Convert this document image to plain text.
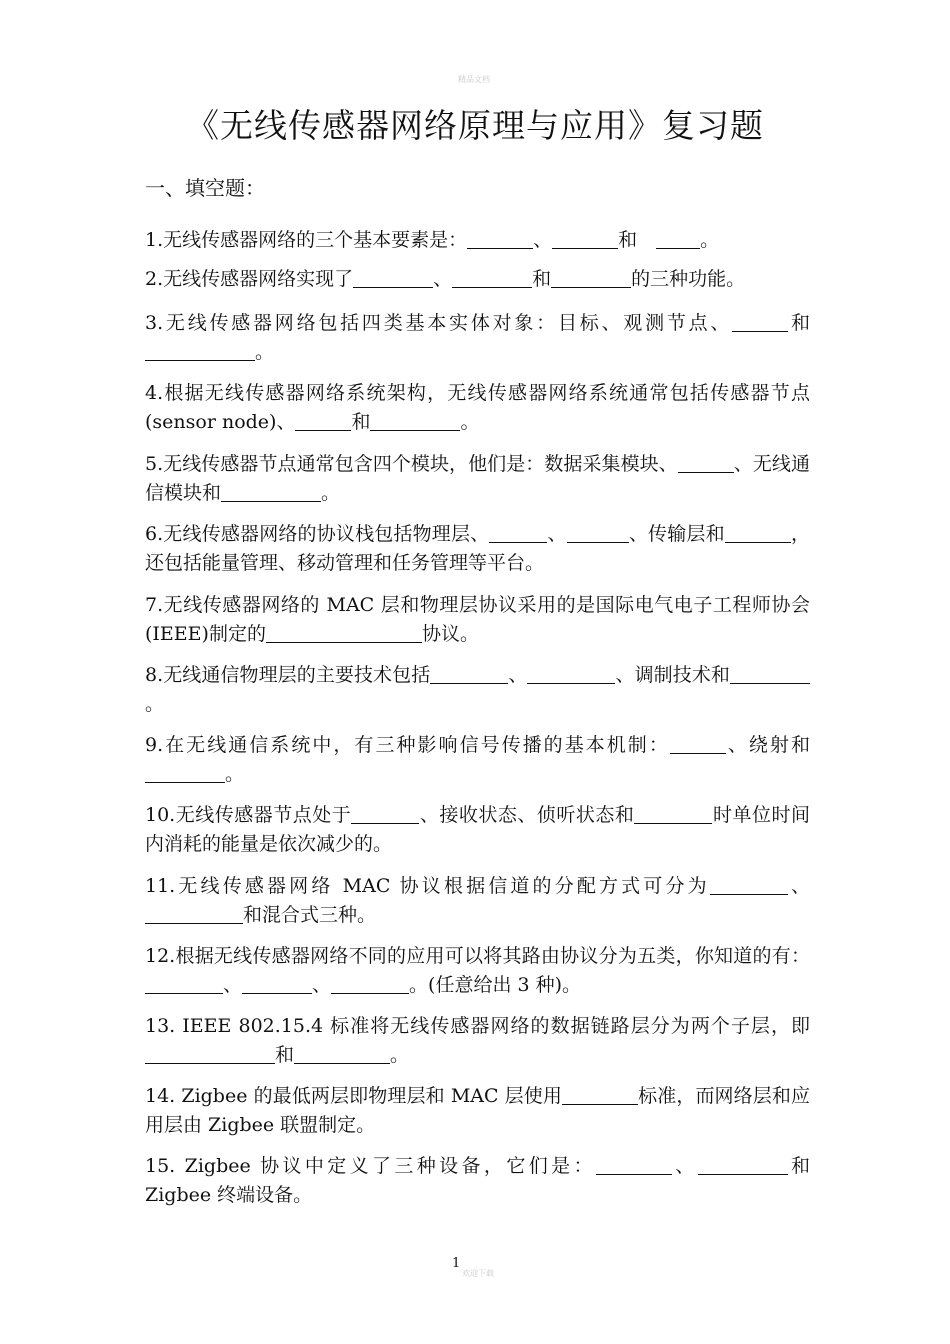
精品文档
《无线传感器网络原理与应用》复习题
一、填空题：
1.无线传感器网络的三个基本要素是：	、	和　。
2.无线传感器网络实现了	、	和	的三种功能。
3.无线传感器网络包括四类基本实体对象：目标、观测节点、	和。
4.根据无线传感器网络系统架构，无线传感器网络系统通常包括传感器节点(sensor node)、	和	。
5.无线传感器节点通常包含四个模块，他们是：数据采集模块、	、无线通信模块和	。
6.无线传感器网络的协议栈包括物理层、	、	、传输层和	，还包括能量管理、移动管理和任务管理等平台。
7.无线传感器网络的 MAC 层和物理层协议采用的是国际电气电子工程师协会(IEEE)制定的	协议。
8.无线通信物理层的主要技术包括	、	、调制技术和。
9.在无线通信系统中，有三种影响信号传播的基本机制：	、绕射和。
10.无线传感器节点处于	、接收状态、侦听状态和	时单位时间内消耗的能量是依次减少的。
11.无线传感器网络 MAC 协议根据信道的分配方式可分为	、和混合式三种。
12.根据无线传感器网络不同的应用可以将其路由协议分为五类，你知道的有：、	、	。(任意给出 3 种)。
13. IEEE 802.15.4 标准将无线传感器网络的数据链路层分为两个子层，即和	。
14. Zigbee 的最低两层即物理层和 MAC 层使用	标准，而网络层和应用层由 Zigbee 联盟制定。
15. Zigbee 协议中定义了三种设备，它们是：	、	和 Zigbee 终端设备。
1
欢迎下载
